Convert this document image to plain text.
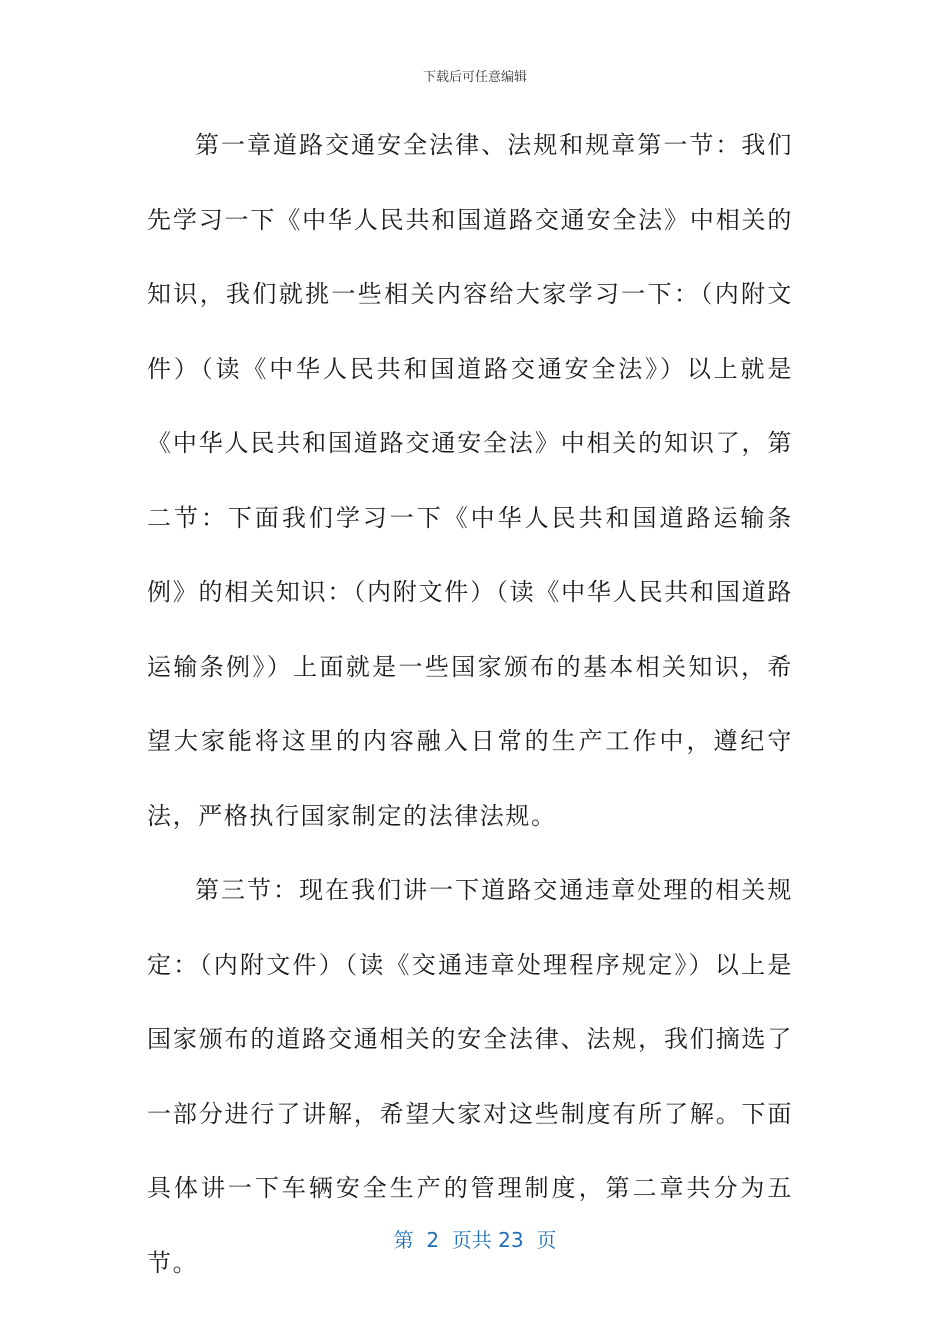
下载后可任意编辑

第一章道路交通安全法律、法规和规章第一节：我们先学习一下《中华人民共和国道路交通安全法》中相关的知识，我们就挑一些相关内容给大家学习一下：（内附文件）（读《中华人民共和国道路交通安全法》）以上就是《中华人民共和国道路交通安全法》中相关的知识了，第二节：下面我们学习一下《中华人民共和国道路运输条例》的相关知识：（内附文件）（读《中华人民共和国道路运输条例》）上面就是一些国家颁布的基本相关知识，希望大家能将这里的内容融入日常的生产工作中，遵纪守法，严格执行国家制定的法律法规。

第三节：现在我们讲一下道路交通违章处理的相关规定：（内附文件）（读《交通违章处理程序规定》）以上是国家颁布的道路交通相关的安全法律、法规，我们摘选了一部分进行了讲解，希望大家对这些制度有所了解。下面具体讲一下车辆安全生产的管理制度，第二章共分为五节。

第  2  页共 23  页
